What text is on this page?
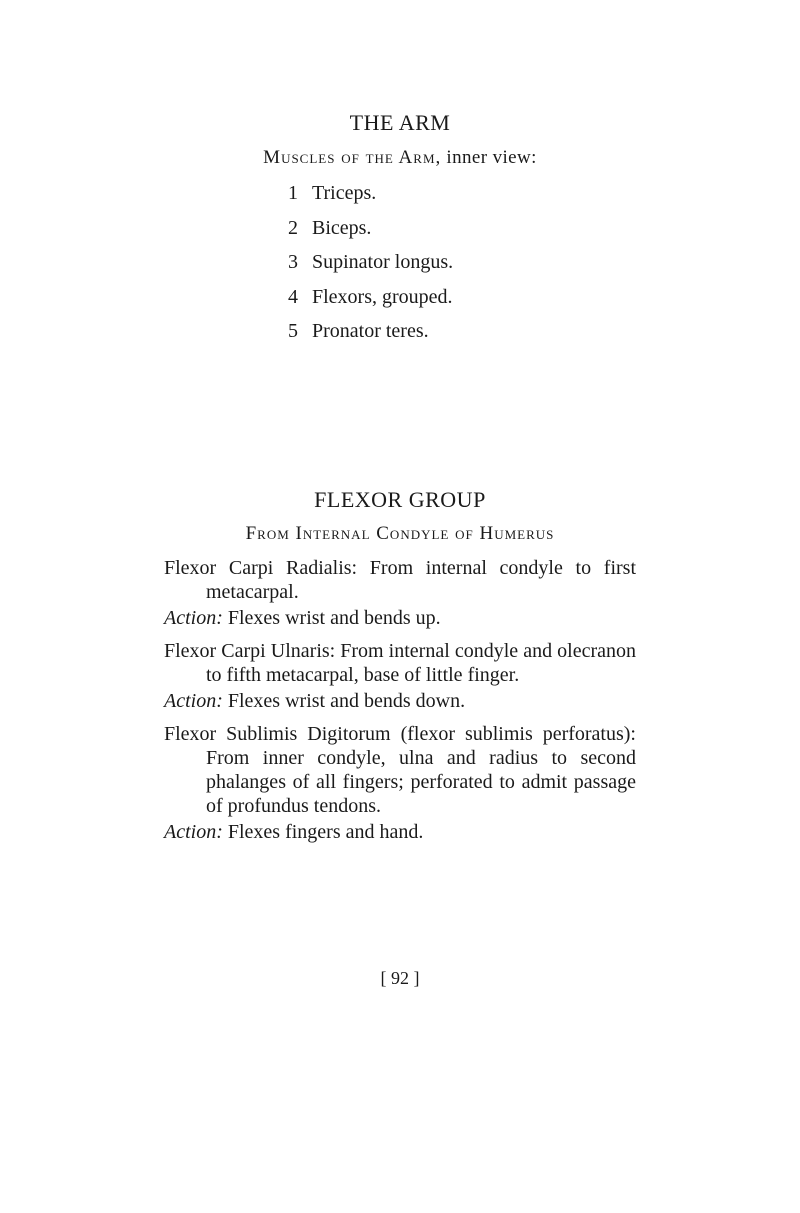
THE ARM
Muscles of the Arm, inner view:
1 Triceps.
2 Biceps.
3 Supinator longus.
4 Flexors, grouped.
5 Pronator teres.
FLEXOR GROUP
From Internal Condyle of Humerus
Flexor Carpi Radialis: From internal condyle to first metacarpal.
Action: Flexes wrist and bends up.
Flexor Carpi Ulnaris: From internal condyle and olecranon to fifth metacarpal, base of little finger.
Action: Flexes wrist and bends down.
Flexor Sublimis Digitorum (flexor sublimis perforatus): From inner condyle, ulna and radius to second phalanges of all fingers; perforated to admit passage of profundus tendons.
Action: Flexes fingers and hand.
[ 92 ]
